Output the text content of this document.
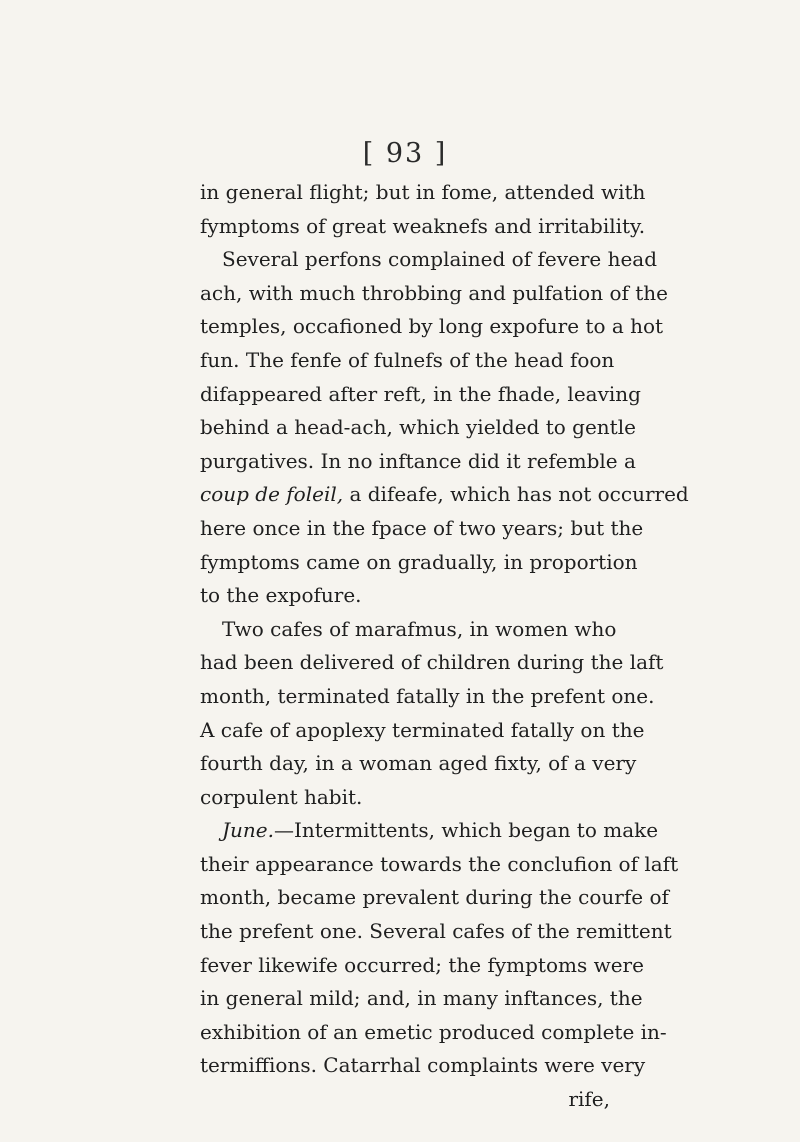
[ 93 ]
in general flight; but in fome, attended with
fymptoms of great weaknefs and irritability.
Several perfons complained of fevere head
ach, with much throbbing and pulfation of the
temples, occafioned by long expofure to a hot
fun. The fenfe of fulnefs of the head foon
difappeared after reft, in the fhade, leaving
behind a head-ach, which yielded to gentle
purgatives. In no inftance did it refemble a
coup de foleil, a difeafe, which has not occurred
here once in the fpace of two years; but the
fymptoms came on gradually, in proportion
to the expofure.
Two cafes of marafmus, in women who
had been delivered of children during the laft
month, terminated fatally in the prefent one.
A cafe of apoplexy terminated fatally on the
fourth day, in a woman aged fixty, of a very
corpulent habit.
June.—Intermittents, which began to make
their appearance towards the conclufion of laft
month, became prevalent during the courfe of
the prefent one. Several cafes of the remittent
fever likewife occurred; the fymptoms were
in general mild; and, in many inftances, the
exhibition of an emetic produced complete in-
termiffions. Catarrhal complaints were very
rife,
